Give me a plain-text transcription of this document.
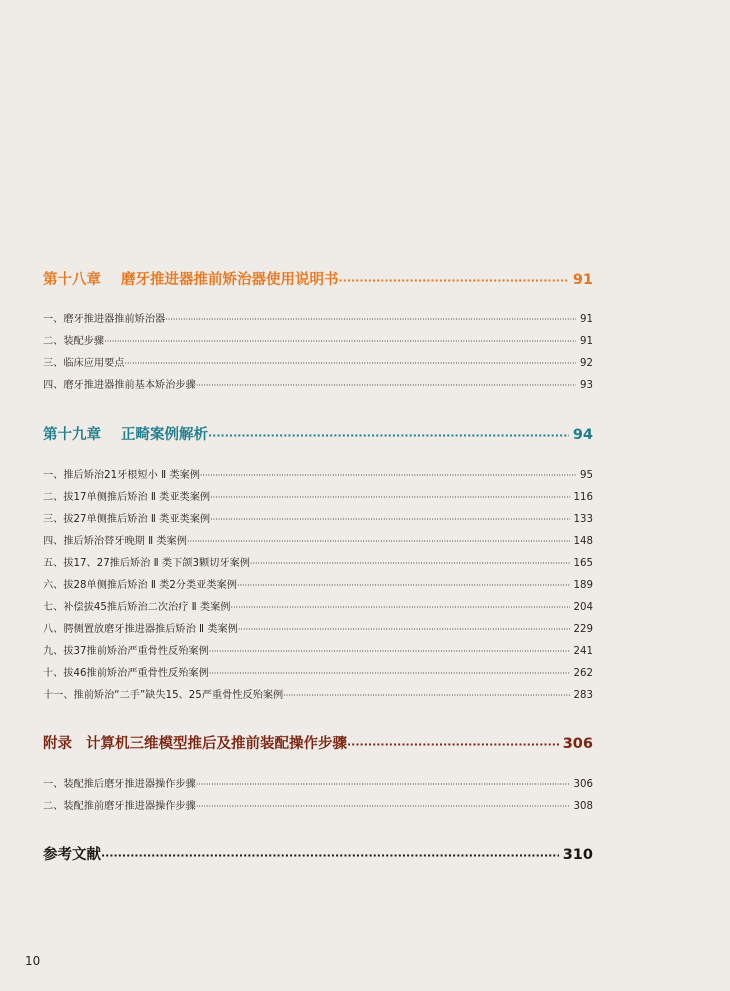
第十八章 磨牙推进器推前矫治器使用说明书 ·····	91
一、磨牙推进器推前矫治器 ·····	91
二、装配步骤 ·····	91
三、临床应用要点 ·····	92
四、磨牙推进器推前基本矫治步骤 ·····	93
第十九章 正畸案例解析 ·····	94
一、推后矫治21牙根短小 Ⅱ 类案例 ·····	95
二、拔17单侧推后矫治 Ⅱ 类亚类案例 ·····	116
三、拔27单侧推后矫治 Ⅱ 类亚类案例 ·····	133
四、推后矫治替牙晚期 Ⅱ 类案例 ·····	148
五、拔17、27推后矫治 Ⅱ 类下颌3颗切牙案例 ·····	165
六、拔28单侧推后矫治 Ⅱ 类2分类亚类案例 ·····	189
七、补偿拔45推后矫治二次治疗 Ⅱ 类案例 ·····	204
八、腭侧置放磨牙推进器推后矫治 Ⅱ 类案例 ·····	229
九、拔37推前矫治严重骨性反殆案例 ·····	241
十、拔46推前矫治严重骨性反殆案例 ·····	262
十一、推前矫治“二手”缺失15、25严重骨性反殆案例 ·····	283
附录 计算机三维模型推后及推前装配操作步骤 ·····	306
一、装配推后磨牙推进器操作步骤 ·····	306
二、装配推前磨牙推进器操作步骤 ·····	308
参考文献 ·····	310
10
